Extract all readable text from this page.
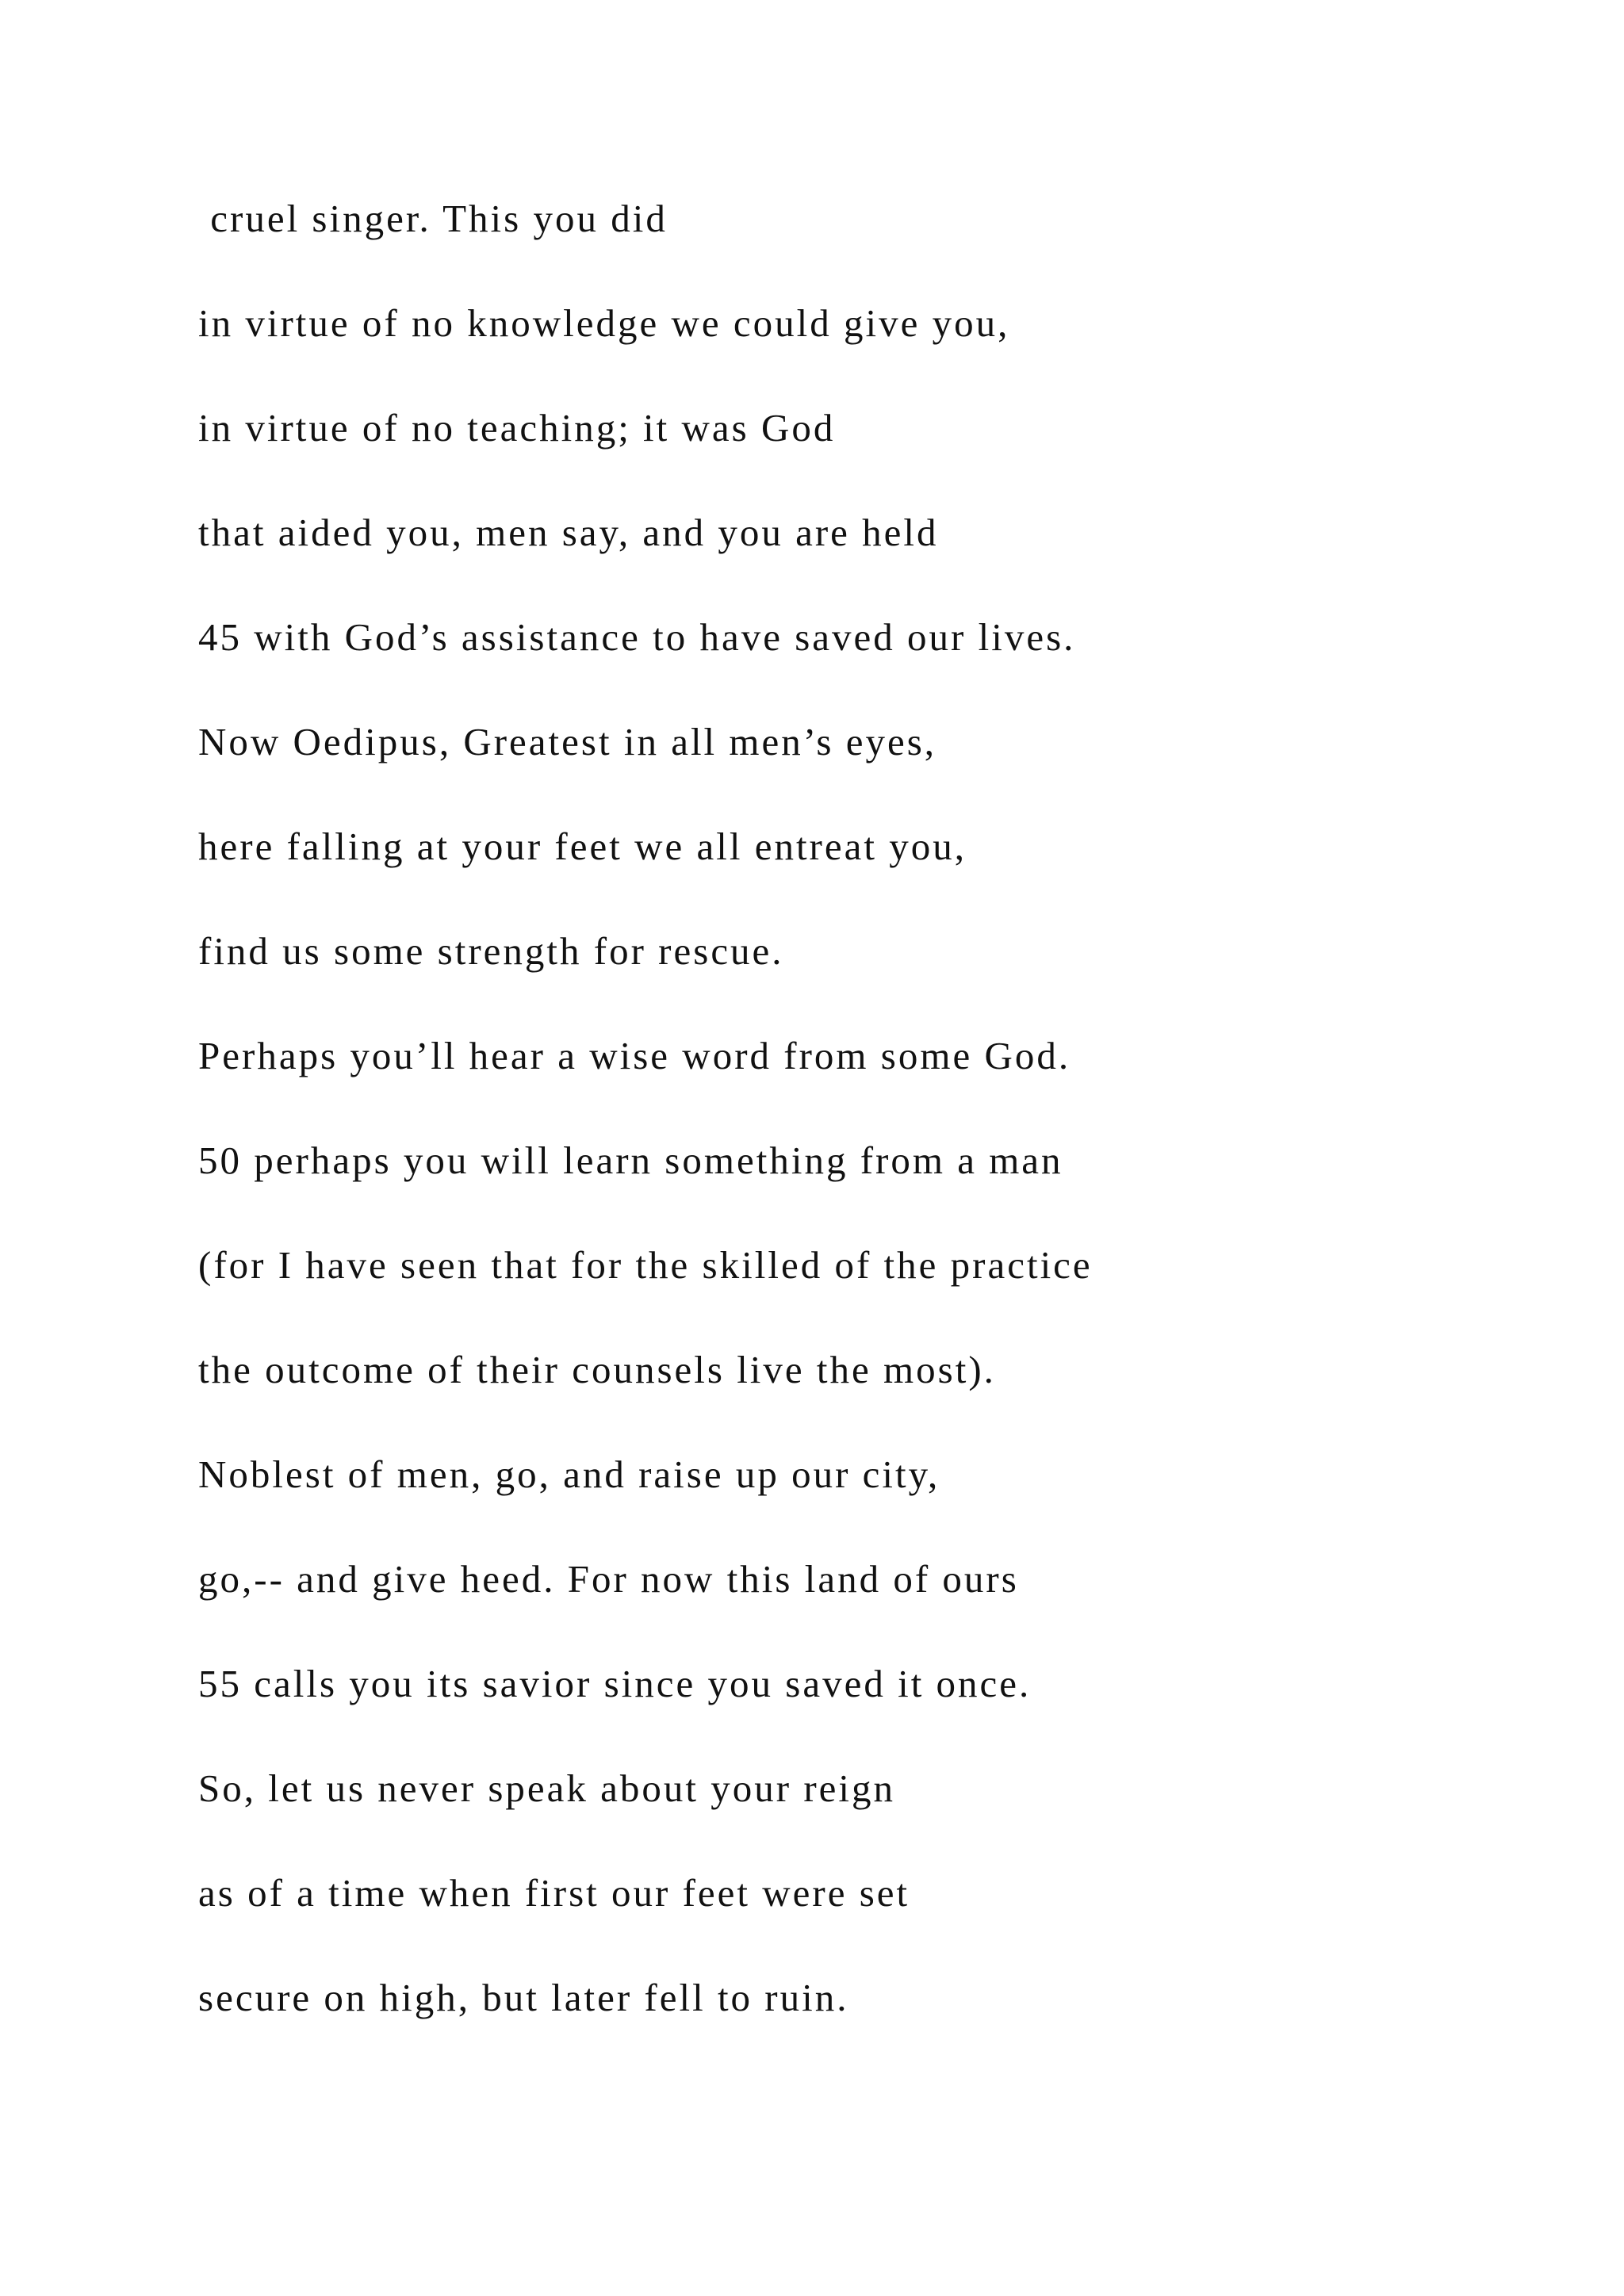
cruel singer. This you did
in virtue of no knowledge we could give you,
in virtue of no teaching; it was God
that aided you, men say, and you are held
45 with God’s assistance to have saved our lives.
Now Oedipus, Greatest in all men’s eyes,
here falling at your feet we all entreat you,
find us some strength for rescue.
Perhaps you’ll hear a wise word from some God.
50 perhaps you will learn something from a man
(for I have seen that for the skilled of the practice
the outcome of their counsels live the most).
Noblest of men, go, and raise up our city,
go,-- and give heed. For now this land of ours
55 calls you its savior since you saved it once.
So, let us never speak about your reign
as of a time when first our feet were set
secure on high, but later fell to ruin.
